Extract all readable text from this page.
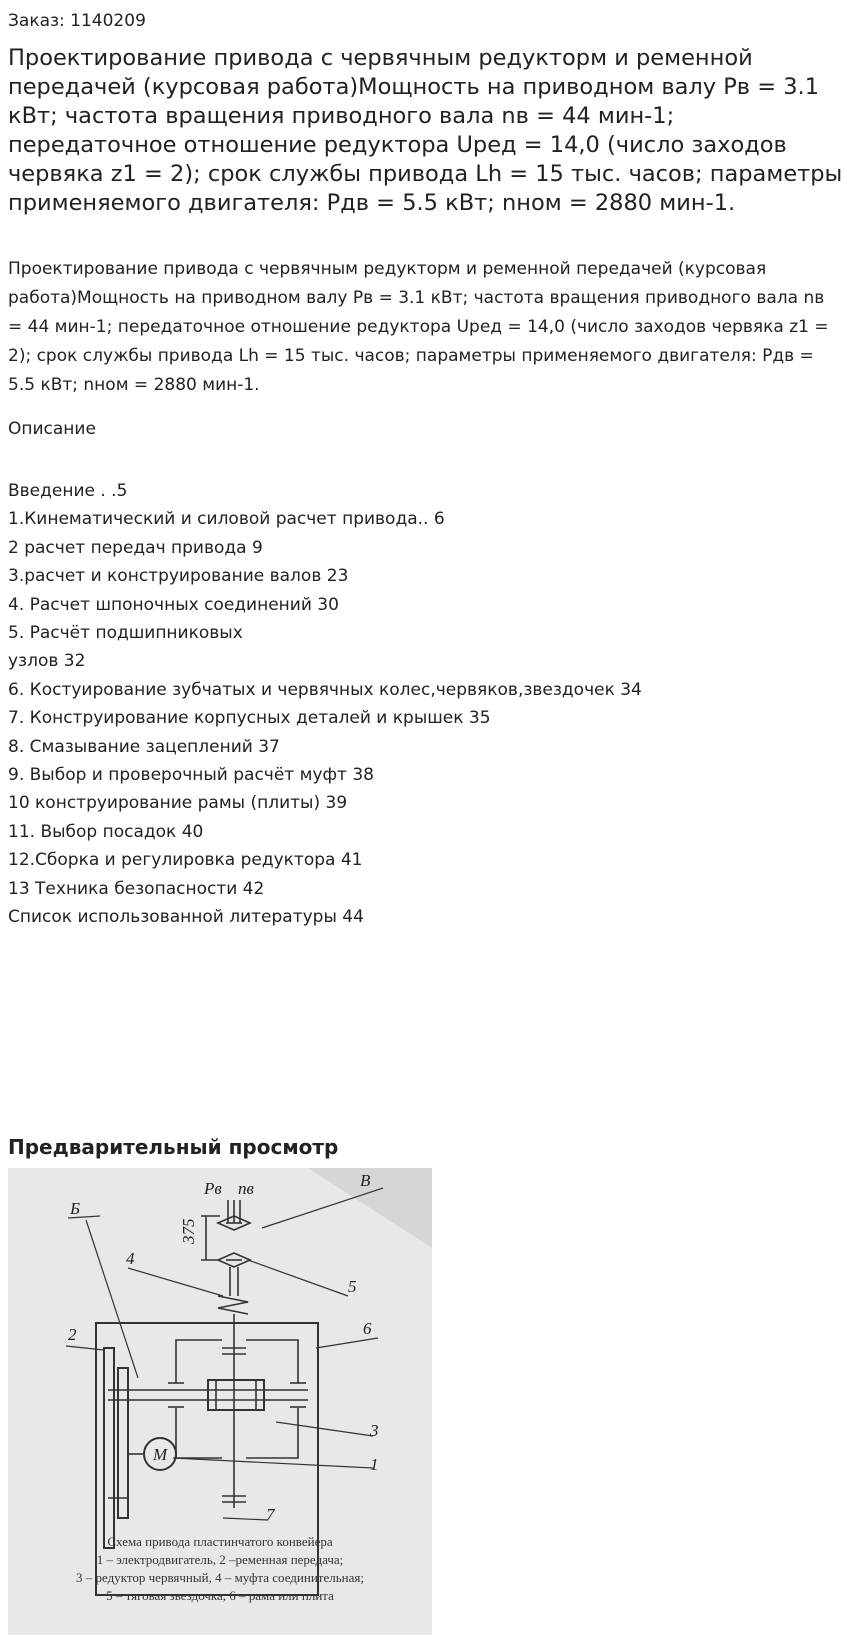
Заказ: 1140209
Проектирование привода с червячным редукторм и ременной передачей (курсовая работа)Мощность на приводном валу Рв = 3.1 кВт; частота вращения приводного вала nв = 44 мин-1; передаточное отношение редуктора Uред = 14,0 (число заходов червяка z1 = 2); срок службы привода Lh = 15 тыс. часов; параметры применяемого двигателя: Pдв = 5.5 кВт; nном = 2880 мин-1.

Проектирование привода с червячным редукторм и ременной передачей (курсовая работа)Мощность на приводном валу Рв = 3.1 кВт; частота вращения приводного вала nв = 44 мин-1; передаточное отношение редуктора Uред = 14,0 (число заходов червяка z1 = 2); срок службы привода Lh = 15 тыс. часов; параметры применяемого двигателя: Pдв = 5.5 кВт; nном = 2880 мин-1.

Описание
Введение . .5
1.Кинематический и силовой расчет привода.. 6
2 расчет передач привода 9
3.расчет и конструирование валов 23
4. Расчет шпоночных соединений 30
5. Расчёт подшипниковых
узлов 32
6. Костуирование зубчатых и червячных колес,червяков,звездочек 34
7. Конструирование корпусных деталей и крышек 35
8. Смазывание зацеплений 37
9. Выбор и проверочный расчёт муфт 38
10 конструирование рамы (плиты) 39
11. Выбор посадок 40
12.Сборка и регулировка редуктора 41
13 Техника безопасности 42
Список использованной литературы 44
Предварительный просмотр
Pв nв
375
В
Б
4
5
2	6
3
1
7
М
Схема привода пластинчатого конвейера
1 – электродвигатель, 2 –ременная передача;
3 – редуктор червячный, 4 – муфта соединительная;
5 – тяговая звездочка, 6 – рама или плита
